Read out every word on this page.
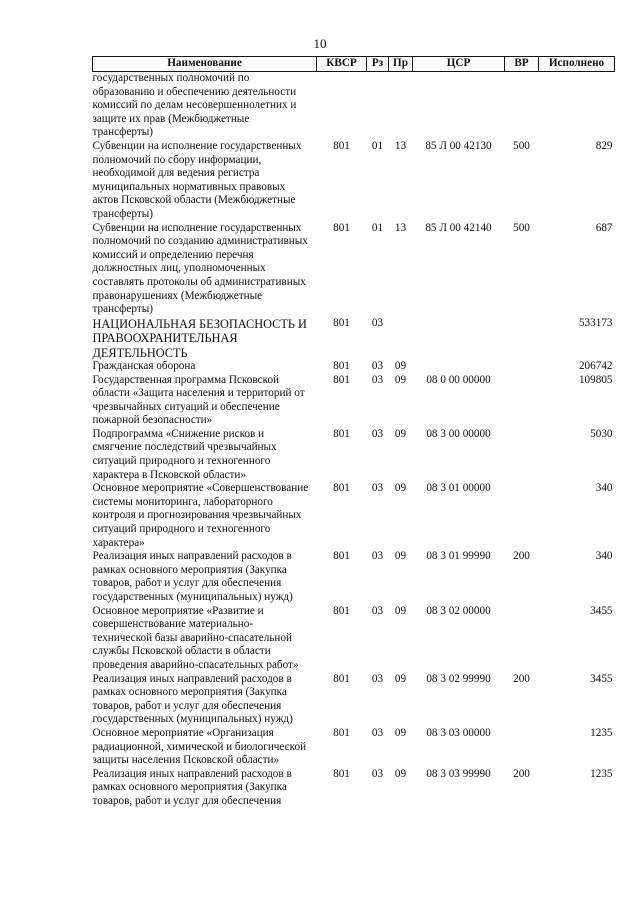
10
Наименование	КВСР	Рз	Пр	ЦСР	ВР	Исполнено
государственных полномочий по образованию и обеспечению деятельности комиссий по делам несовершеннолетних и защите их прав (Межбюджетные трансферты)						
Субвенции на исполнение государственных полномочий по сбору информации, необходимой для ведения регистра муниципальных нормативных правовых актов Псковской области (Межбюджетные трансферты)	801	01	13	85 Л 00 42130	500	829
Субвенции на исполнение государственных полномочий по созданию административных комиссий и определению перечня должностных лиц, уполномоченных составлять протоколы об административных правонарушениях (Межбюджетные трансферты)	801	01	13	85 Л 00 42140	500	687
НАЦИОНАЛЬНАЯ БЕЗОПАСНОСТЬ И ПРАВООХРАНИТЕЛЬНАЯ ДЕЯТЕЛЬНОСТЬ	801	03				533173
Гражданская оборона	801	03	09			206742
Государственная программа Псковской области «Защита населения и территорий от чрезвычайных ситуаций и обеспечение пожарной безопасности»	801	03	09	08 0 00 00000		109805
Подпрограмма «Снижение рисков и смягчение последствий чрезвычайных ситуаций природного и техногенного характера в Псковской области»	801	03	09	08 3 00 00000		5030
Основное мероприятие «Совершенствование системы мониторинга, лабораторного контроля и прогнозирования чрезвычайных ситуаций природного и техногенного характера»	801	03	09	08 3 01 00000		340
Реализация иных направлений расходов в рамках основного мероприятия (Закупка товаров, работ и услуг для обеспечения государственных (муниципальных) нужд)	801	03	09	08 3 01 99990	200	340
Основное мероприятие «Развитие и совершенствование материально-технической базы аварийно-спасательной службы Псковской области в области проведения аварийно-спасательных работ»	801	03	09	08 3 02 00000		3455
Реализация иных направлений расходов в рамках основного мероприятия (Закупка товаров, работ и услуг для обеспечения государственных (муниципальных) нужд)	801	03	09	08 3 02 99990	200	3455
Основное мероприятие «Организация радиационной, химической и биологической защиты населения Псковской области»	801	03	09	08 3 03 00000		1235
Реализация иных направлений расходов в рамках основного мероприятия (Закупка товаров, работ и услуг для обеспечения	801	03	09	08 3 03 99990	200	1235
